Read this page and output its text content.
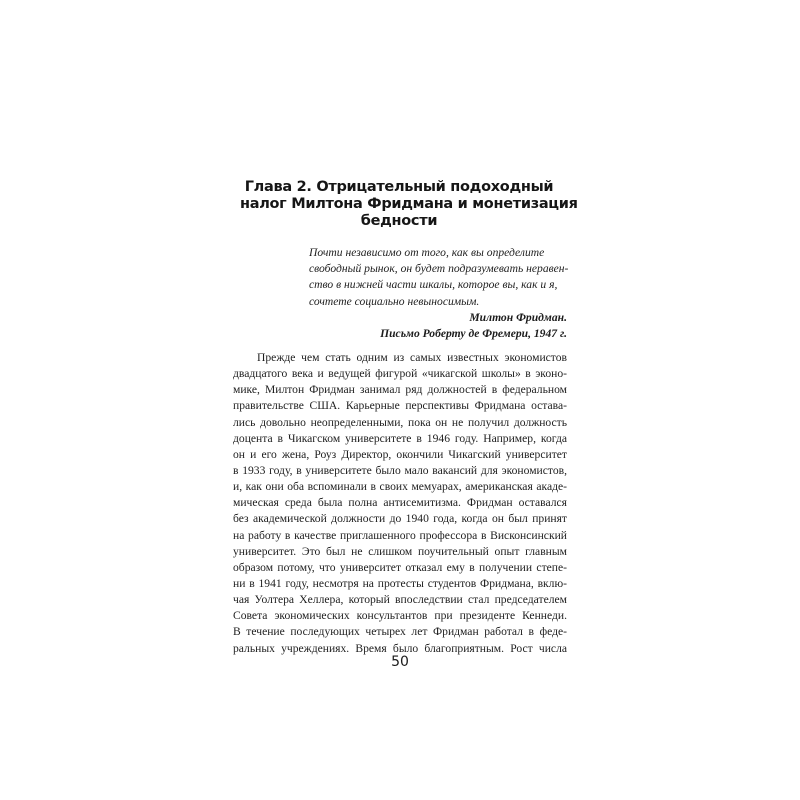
Глава 2. Отрицательный подоходный
налог Милтона Фридмана и монетизация
бедности
Почти независимо от того, как вы определите
свободный рынок, он будет подразумевать неравен-
ство в нижней части шкалы, которое вы, как и я,
сочтете социально невыносимым.
Милтон Фридман.
Письмо Роберту де Фремери, 1947 г.
Прежде чем стать одним из самых известных экономистов
двадцатого века и ведущей фигурой «чикагской школы» в эконо-
мике, Милтон Фридман занимал ряд должностей в федеральном
правительстве США. Карьерные перспективы Фридмана остава-
лись довольно неопределенными, пока он не получил должность
доцента в Чикагском университете в 1946 году. Например, когда
он и его жена, Роуз Директор, окончили Чикагский университет
в 1933 году, в университете было мало вакансий для экономистов,
и, как они оба вспоминали в своих мемуарах, американская акаде-
мическая среда была полна антисемитизма. Фридман оставался
без академической должности до 1940 года, когда он был принят
на работу в качестве приглашенного профессора в Висконсинский
университет. Это был не слишком поучительный опыт главным
образом потому, что университет отказал ему в получении степе-
ни в 1941 году, несмотря на протесты студентов Фридмана, вклю-
чая Уолтера Хеллера, который впоследствии стал председателем
Совета экономических консультантов при президенте Кеннеди.
В течение последующих четырех лет Фридман работал в феде-
ральных учреждениях. Время было благоприятным. Рост числа
50
